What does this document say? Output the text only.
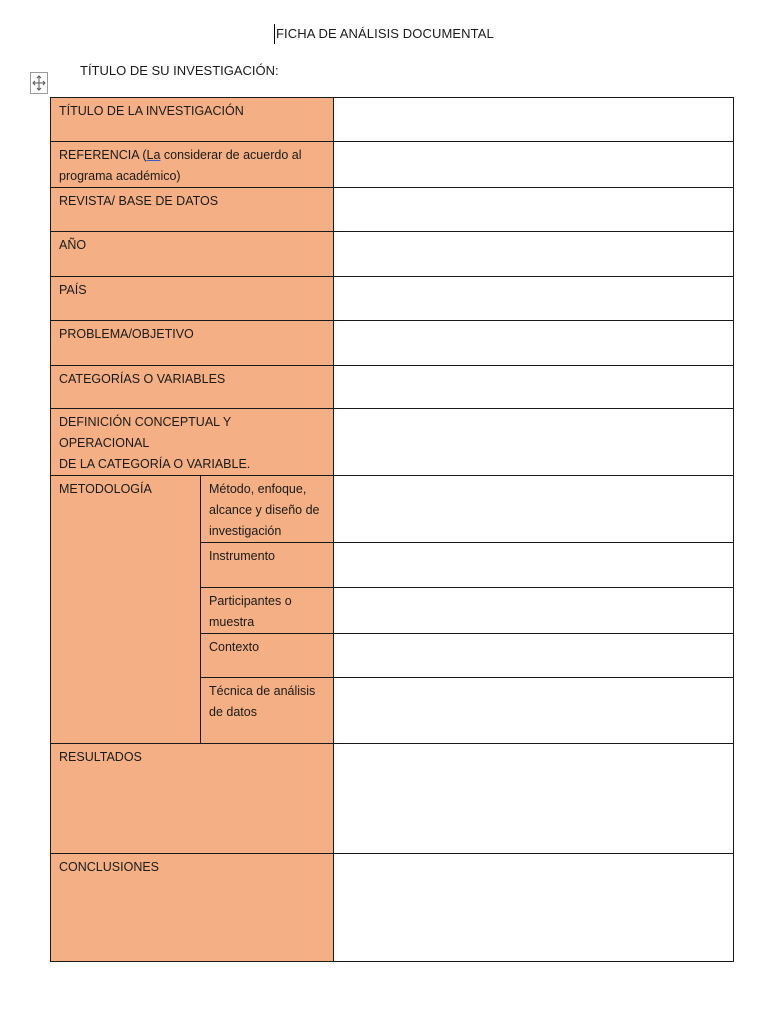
FICHA DE ANÁLISIS DOCUMENTAL
TÍTULO DE SU INVESTIGACIÓN:
TÍTULO DE LA INVESTIGACIÓN		
REFERENCIA (La considerar de acuerdo al programa académico)		
REVISTA/ BASE DE DATOS		
AÑO		
PAÍS		
PROBLEMA/OBJETIVO		
CATEGORÍAS O VARIABLES		

DEFINICIÓN CONCEPTUAL Y OPERACIONAL
DE LA CATEGORÍA O VARIABLE.		

METODOLOGÍA	Método, enfoque, alcance y diseño de investigación	
	Instrumento	
	Participantes o muestra	
	Contexto	
	Técnica de análisis de datos	
RESULTADOS		
CONCLUSIONES		
